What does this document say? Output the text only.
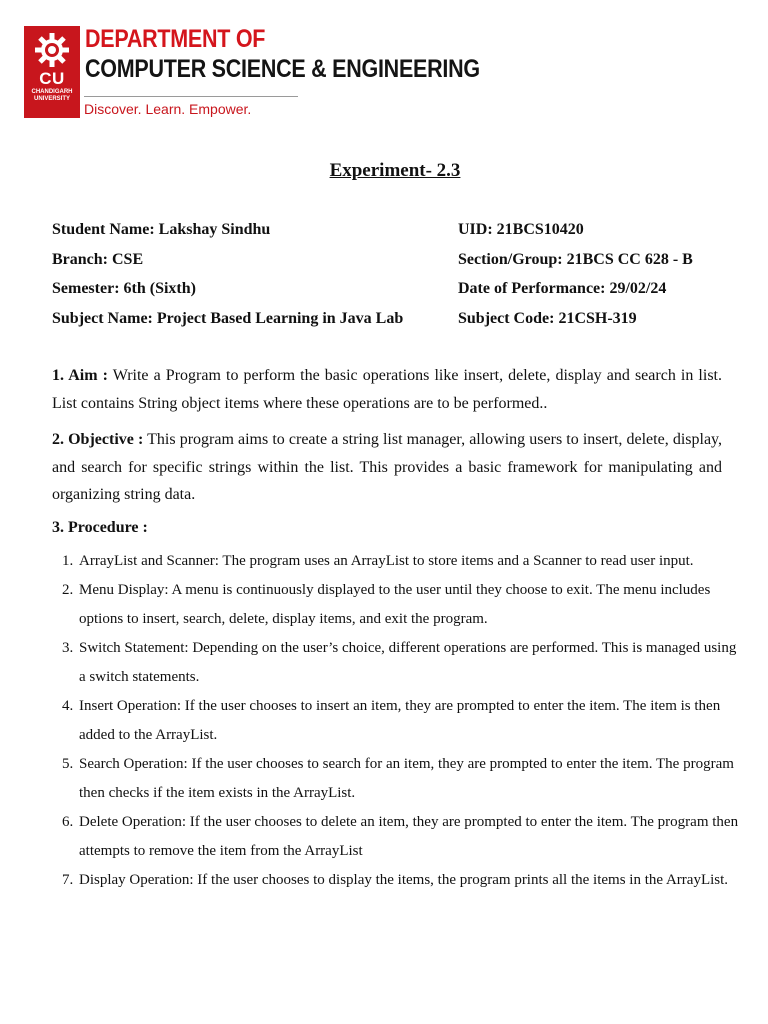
CU
CHANDIGARH UNIVERSITY
DEPARTMENT OF
COMPUTER SCIENCE & ENGINEERING
Discover. Learn. Empower.
Experiment- 2.3
Student Name: Lakshay Sindhu
Branch: CSE
Semester: 6th (Sixth)
Subject Name: Project Based Learning in Java Lab
UID: 21BCS10420
Section/Group: 21BCS CC 628 - B
Date of Performance: 29/02/24
Subject Code: 21CSH-319
1. Aim : Write a Program to perform the basic operations like insert, delete, display and search in list. List contains String object items where these operations are to be performed..
2. Objective : This program aims to create a string list manager, allowing users to insert, delete, display, and search for specific strings within the list. This provides a basic framework for manipulating and organizing string data.
3. Procedure :
1. ArrayList and Scanner: The program uses an ArrayList to store items and a Scanner to read user input.
2. Menu Display: A menu is continuously displayed to the user until they choose to exit. The menu includes options to insert, search, delete, display items, and exit the program.
3. Switch Statement: Depending on the user’s choice, different operations are performed. This is managed using a switch statements.
4. Insert Operation: If the user chooses to insert an item, they are prompted to enter the item. The item is then added to the ArrayList.
5. Search Operation: If the user chooses to search for an item, they are prompted to enter the item. The program then checks if the item exists in the ArrayList.
6. Delete Operation: If the user chooses to delete an item, they are prompted to enter the item. The program then attempts to remove the item from the ArrayList
7. Display Operation: If the user chooses to display the items, the program prints all the items in the ArrayList.
